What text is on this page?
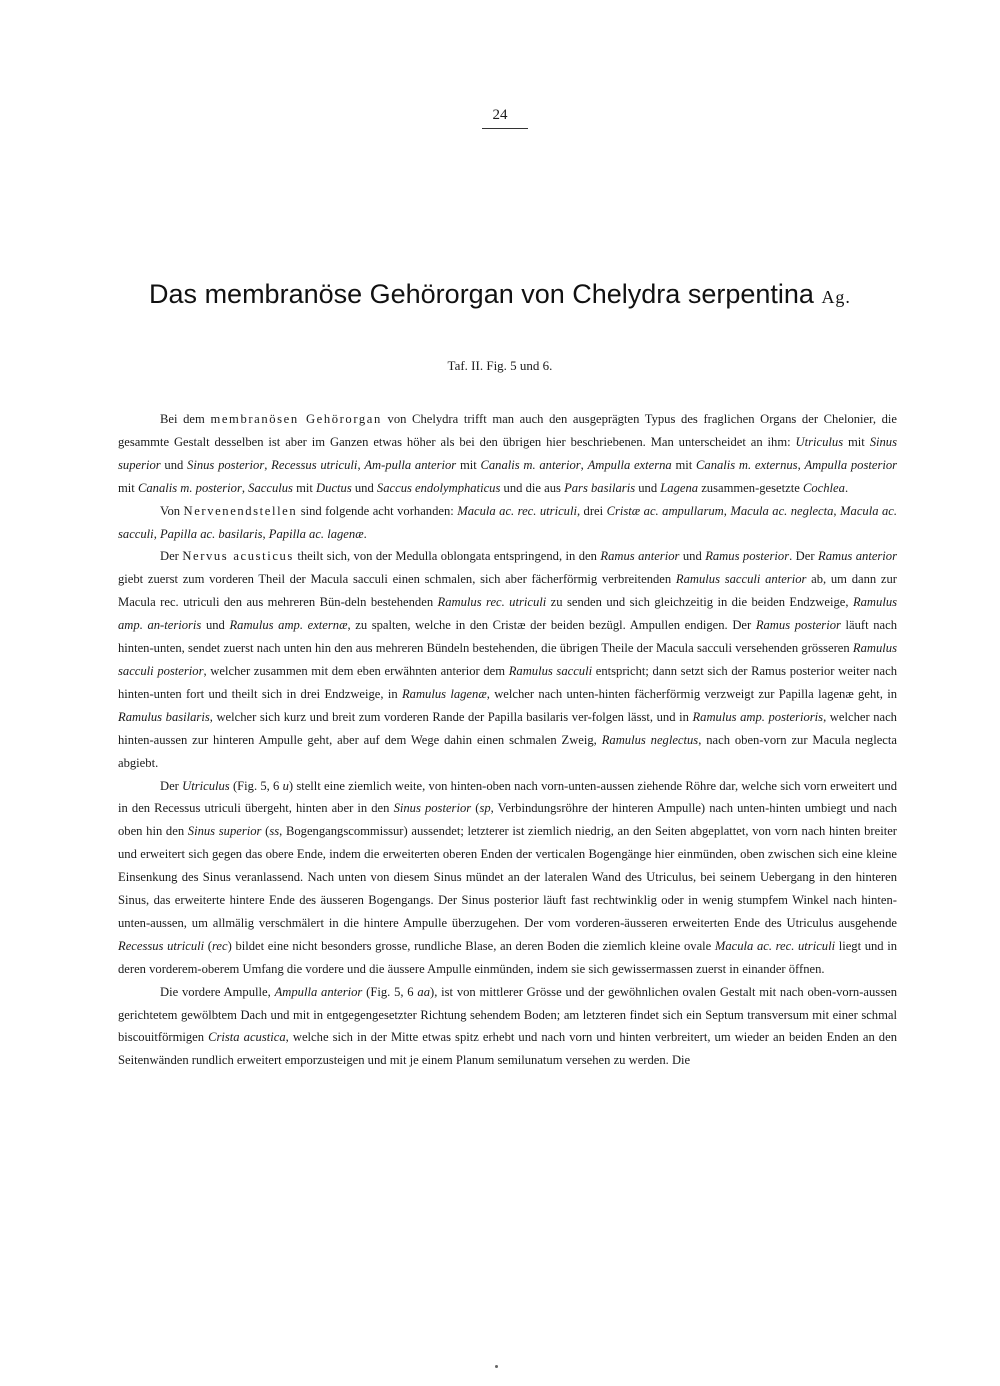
24
Das membranöse Gehörorgan von Chelydra serpentina Ag.
Taf. II. Fig. 5 und 6.

Bei dem membranösen Gehörorgan von Chelydra trifft man auch den ausgeprägten Typus des fraglichen Organs der Chelonier, die gesammte Gestalt desselben ist aber im Ganzen etwas höher als bei den übrigen hier beschriebenen. Man unterscheidet an ihm: Utriculus mit Sinus superior und Sinus posterior, Recessus utriculi, Am-pulla anterior mit Canalis m. anterior, Ampulla externa mit Canalis m. externus, Ampulla posterior mit Canalis m. posterior, Sacculus mit Ductus und Saccus endolymphaticus und die aus Pars basilaris und Lagena zusammen-gesetzte Cochlea.

Von Nervenendstellen sind folgende acht vorhanden: Macula ac. rec. utriculi, drei Cristæ ac. ampullarum, Macula ac. neglecta, Macula ac. sacculi, Papilla ac. basilaris, Papilla ac. lagenæ.

Der Nervus acusticus theilt sich, von der Medulla oblongata entspringend, in den Ramus anterior und Ramus posterior. Der Ramus anterior giebt zuerst zum vorderen Theil der Macula sacculi einen schmalen, sich aber fächerförmig verbreitenden Ramulus sacculi anterior ab, um dann zur Macula rec. utriculi den aus mehreren Bün-deln bestehenden Ramulus rec. utriculi zu senden und sich gleichzeitig in die beiden Endzweige, Ramulus amp. an-terioris und Ramulus amp. externæ, zu spalten, welche in den Cristæ der beiden bezügl. Ampullen endigen. Der Ramus posterior läuft nach hinten-unten, sendet zuerst nach unten hin den aus mehreren Bündeln bestehenden, die übrigen Theile der Macula sacculi versehenden grösseren Ramulus sacculi posterior, welcher zusammen mit dem eben erwähnten anterior dem Ramulus sacculi entspricht; dann setzt sich der Ramus posterior weiter nach hinten-unten fort und theilt sich in drei Endzweige, in Ramulus lagenæ, welcher nach unten-hinten fächerförmig verzweigt zur Papilla lagenæ geht, in Ramulus basilaris, welcher sich kurz und breit zum vorderen Rande der Papilla basilaris ver-folgen lässt, und in Ramulus amp. posterioris, welcher nach hinten-aussen zur hinteren Ampulle geht, aber auf dem Wege dahin einen schmalen Zweig, Ramulus neglectus, nach oben-vorn zur Macula neglecta abgiebt.

Der Utriculus (Fig. 5, 6 u) stellt eine ziemlich weite, von hinten-oben nach vorn-unten-aussen ziehende Röhre dar, welche sich vorn erweitert und in den Recessus utriculi übergeht, hinten aber in den Sinus posterior (sp, Verbindungsröhre der hinteren Ampulle) nach unten-hinten umbiegt und nach oben hin den Sinus superior (ss, Bogengangscommissur) aussendet; letzterer ist ziemlich niedrig, an den Seiten abgeplattet, von vorn nach hinten breiter und erweitert sich gegen das obere Ende, indem die erweiterten oberen Enden der verticalen Bogengänge hier einmünden, oben zwischen sich eine kleine Einsenkung des Sinus veranlassend. Nach unten von diesem Sinus mündet an der lateralen Wand des Utriculus, bei seinem Uebergang in den hinteren Sinus, das erweiterte hintere Ende des äusseren Bogengangs. Der Sinus posterior läuft fast rechtwinklig oder in wenig stumpfem Winkel nach hinten-unten-aussen, um allmälig verschmälert in die hintere Ampulle überzugehen. Der vom vorderen-äusseren erweiterten Ende des Utriculus ausgehende Recessus utriculi (rec) bildet eine nicht besonders grosse, rundliche Blase, an deren Boden die ziemlich kleine ovale Macula ac. rec. utriculi liegt und in deren vorderem-oberem Umfang die vordere und die äussere Ampulle einmünden, indem sie sich gewissermassen zuerst in einander öffnen.

Die vordere Ampulle, Ampulla anterior (Fig. 5, 6 aa), ist von mittlerer Grösse und der gewöhnlichen ovalen Gestalt mit nach oben-vorn-aussen gerichtetem gewölbtem Dach und mit in entgegengesetzter Richtung sehendem Boden; am letzteren findet sich ein Septum transversum mit einer schmal biscouitförmigen Crista acustica, welche sich in der Mitte etwas spitz erhebt und nach vorn und hinten verbreitert, um wieder an beiden Enden an den Seitenwänden rundlich erweitert emporzusteigen und mit je einem Planum semilunatum versehen zu werden. Die
